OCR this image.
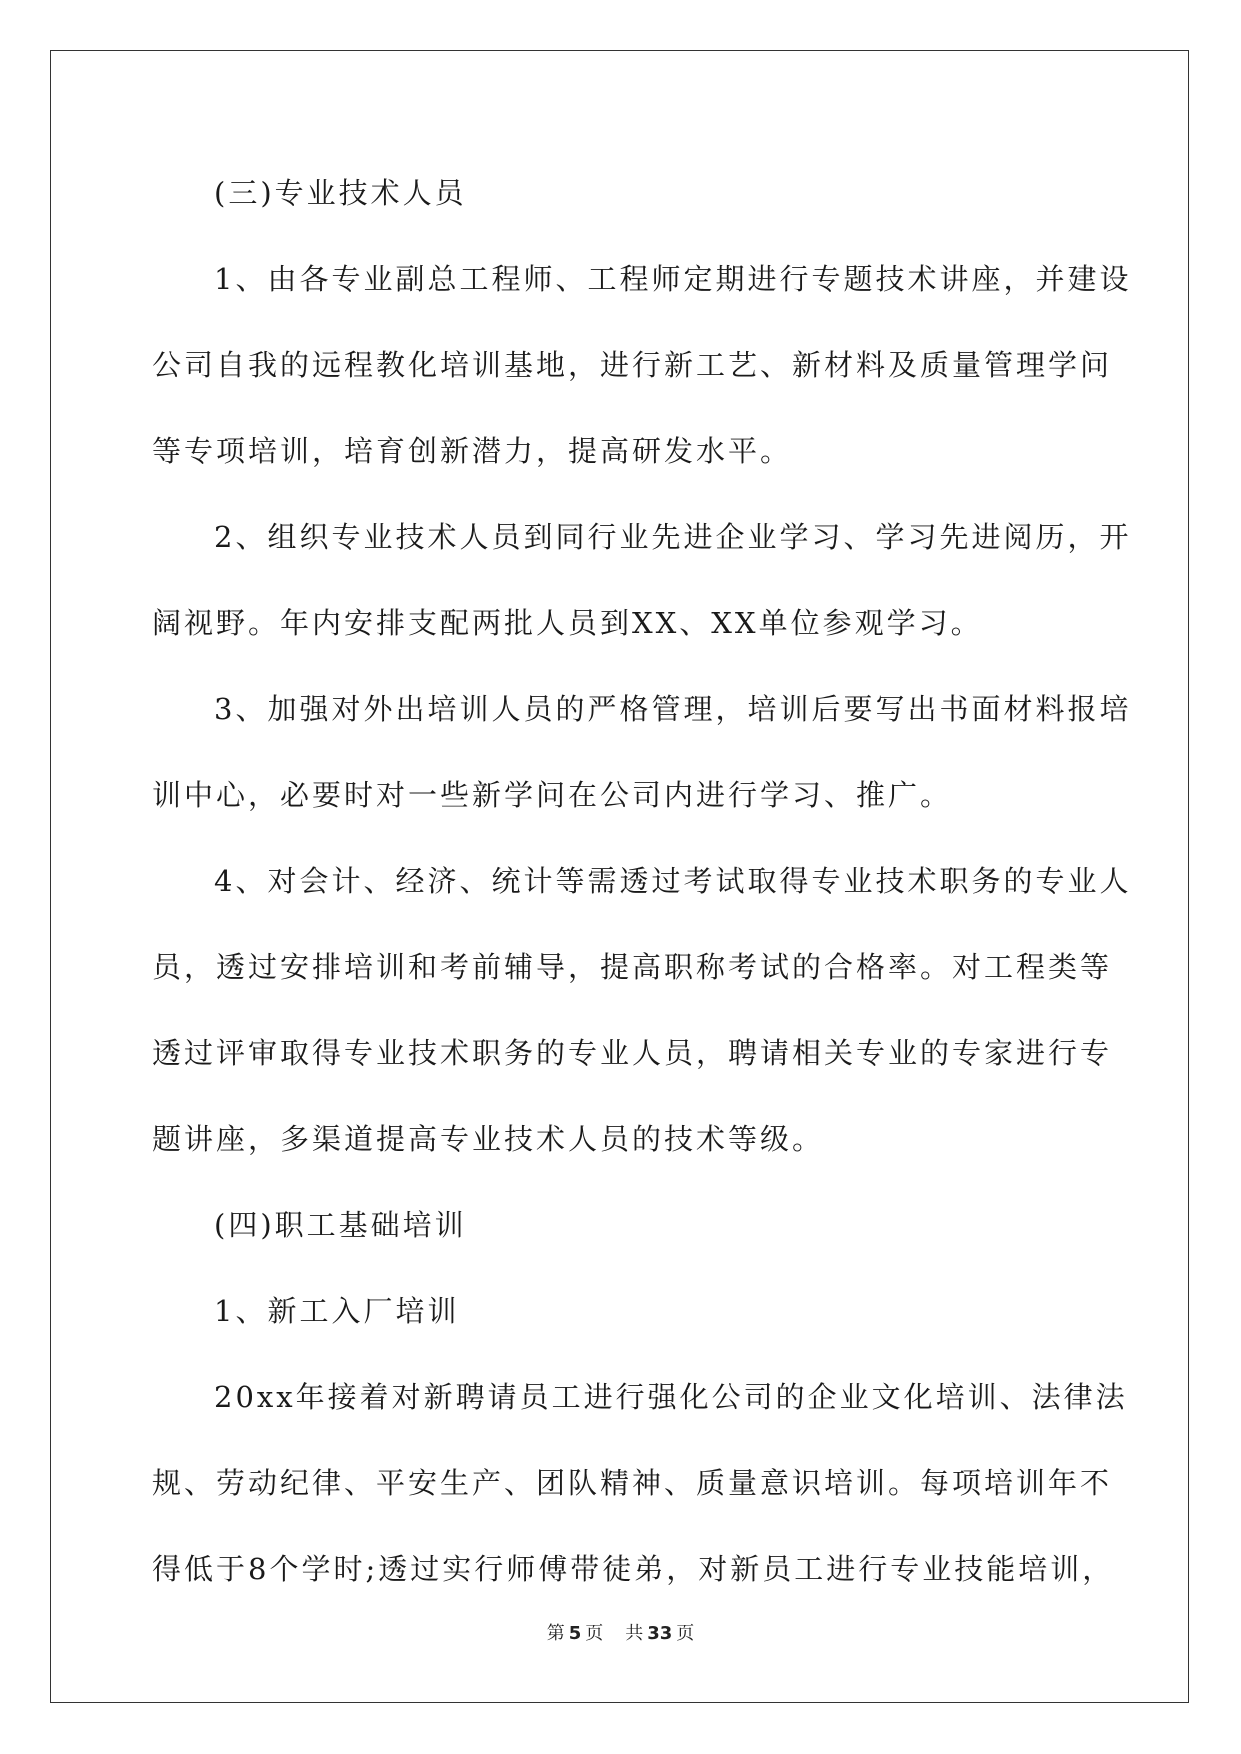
(三)专业技术人员
1、由各专业副总工程师、工程师定期进行专题技术讲座，并建设
公司自我的远程教化培训基地，进行新工艺、新材料及质量管理学问
等专项培训，培育创新潜力，提高研发水平。
2、组织专业技术人员到同行业先进企业学习、学习先进阅历，开
阔视野。年内安排支配两批人员到XX、XX单位参观学习。
3、加强对外出培训人员的严格管理，培训后要写出书面材料报培
训中心，必要时对一些新学问在公司内进行学习、推广。
4、对会计、经济、统计等需透过考试取得专业技术职务的专业人
员，透过安排培训和考前辅导，提高职称考试的合格率。对工程类等
透过评审取得专业技术职务的专业人员，聘请相关专业的专家进行专
题讲座，多渠道提高专业技术人员的技术等级。
(四)职工基础培训
1、新工入厂培训
20xx年接着对新聘请员工进行强化公司的企业文化培训、法律法
规、劳动纪律、平安生产、团队精神、质量意识培训。每项培训年不
得低于8个学时;透过实行师傅带徒弟，对新员工进行专业技能培训，
第 5 页 共 33 页
